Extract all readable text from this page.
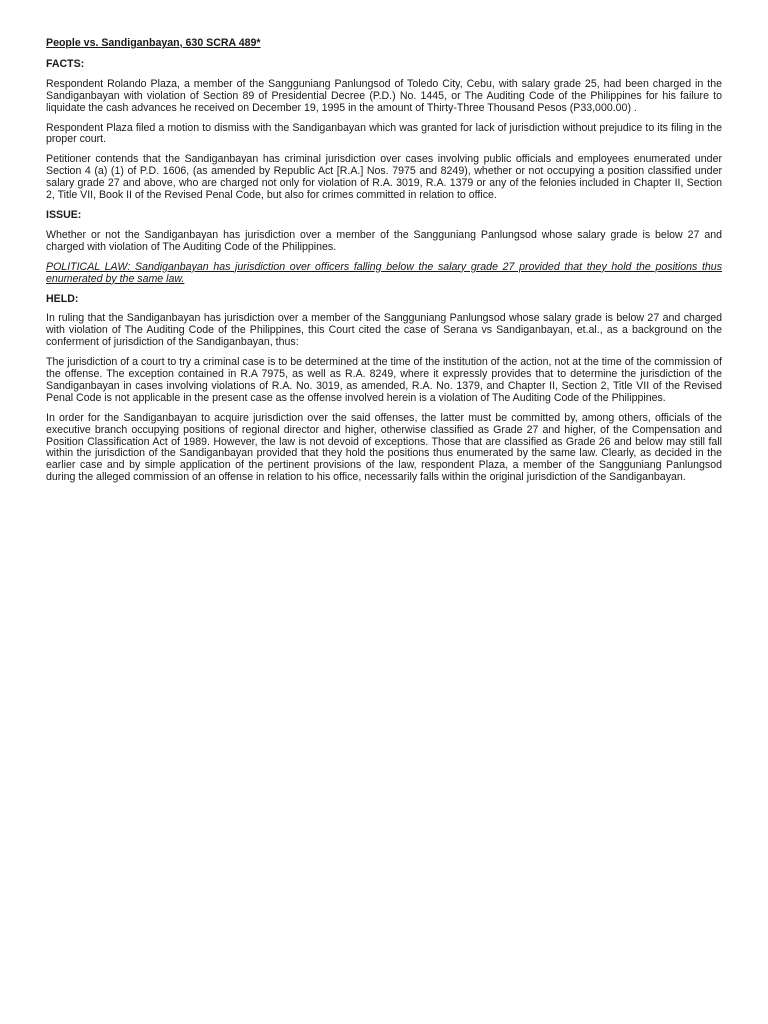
People vs. Sandiganbayan, 630 SCRA 489*
FACTS:

Respondent Rolando Plaza, a member of the Sangguniang Panlungsod of Toledo City, Cebu, with salary grade 25, had been charged in the Sandiganbayan with violation of Section 89 of Presidential Decree (P.D.) No. 1445, or The Auditing Code of the Philippines for his failure to liquidate the cash advances he received on December 19, 1995 in the amount of Thirty-Three Thousand Pesos (P33,000.00) .

Respondent Plaza filed a motion to dismiss with the Sandiganbayan which was granted for lack of jurisdiction without prejudice to its filing in the proper court.

Petitioner contends that the Sandiganbayan has criminal jurisdiction over cases involving public officials and employees enumerated under Section 4 (a) (1) of P.D. 1606, (as amended by Republic Act [R.A.] Nos. 7975 and 8249), whether or not occupying a position classified under salary grade 27 and above, who are charged not only for violation of R.A. 3019, R.A. 1379 or any of the felonies included in Chapter II, Section 2, Title VII, Book II of the Revised Penal Code, but also for crimes committed in relation to office.

ISSUE:

Whether or not the Sandiganbayan has jurisdiction over a member of the Sangguniang Panlungsod whose salary grade is below 27 and charged with violation of The Auditing Code of the Philippines.

POLITICAL LAW: Sandiganbayan has jurisdiction over officers falling below the salary grade 27 provided that they hold the positions thus enumerated by the same law.

HELD:

In ruling that the Sandiganbayan has jurisdiction over a member of the Sangguniang Panlungsod whose salary grade is below 27 and charged with violation of The Auditing Code of the Philippines, this Court cited the case of Serana vs Sandiganbayan, et.al., as a background on the conferment of jurisdiction of the Sandiganbayan, thus:

The jurisdiction of a court to try a criminal case is to be determined at the time of the institution of the action, not at the time of the commission of the offense. The exception contained in R.A 7975, as well as R.A. 8249, where it expressly provides that to determine the jurisdiction of the Sandiganbayan in cases involving violations of R.A. No. 3019, as amended, R.A. No. 1379, and Chapter II, Section 2, Title VII of the Revised Penal Code is not applicable in the present case as the offense involved herein is a violation of The Auditing Code of the Philippines.

In order for the Sandiganbayan to acquire jurisdiction over the said offenses, the latter must be committed by, among others, officials of the executive branch occupying positions of regional director and higher, otherwise classified as Grade 27 and higher, of the Compensation and Position Classification Act of 1989. However, the law is not devoid of exceptions. Those that are classified as Grade 26 and below may still fall within the jurisdiction of the Sandiganbayan provided that they hold the positions thus enumerated by the same law. Clearly, as decided in the earlier case and by simple application of the pertinent provisions of the law, respondent Plaza, a member of the Sangguniang Panlungsod during the alleged commission of an offense in relation to his office, necessarily falls within the original jurisdiction of the Sandiganbayan.
